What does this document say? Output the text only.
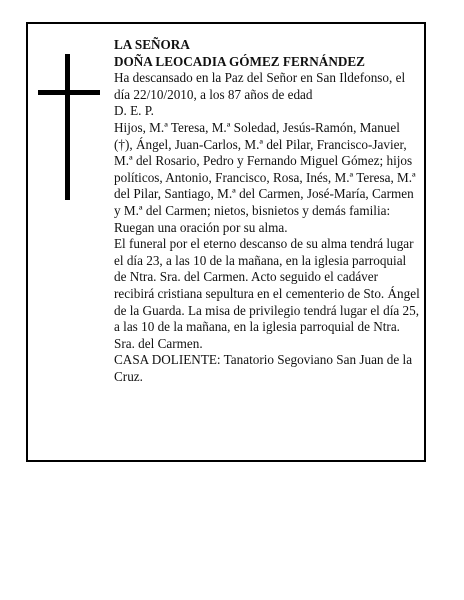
LA SEÑORA

DOÑA LEOCADIA GÓMEZ FERNÁNDEZ

Ha descansado en la Paz del Señor en San Ildefonso, el día 22/10/2010, a los 87 años de edad

D. E. P.

Hijos, M.ª Teresa, M.ª Soledad, Jesús-Ramón, Manuel (†), Ángel, Juan-Carlos, M.ª del Pilar, Francisco-Javier, M.ª del Rosario, Pedro y Fernando Miguel Gómez; hijos políticos, Antonio, Francisco, Rosa, Inés, M.ª Teresa, M.ª del Pilar, Santiago, M.ª del Carmen, José-María, Carmen y M.ª del Carmen; nietos, bisnietos y demás familia:

Ruegan una oración por su alma.

El funeral por el eterno descanso de su alma tendrá lugar el día 23, a las 10 de la mañana, en la iglesia parroquial de Ntra. Sra. del Carmen. Acto seguido el cadáver recibirá cristiana sepultura en el cementerio de Sto. Ángel de la Guarda. La misa de privilegio tendrá lugar el día 25, a las 10 de la mañana, en la iglesia parroquial de Ntra. Sra. del Carmen.

CASA DOLIENTE: Tanatorio Segoviano San Juan de la Cruz.
